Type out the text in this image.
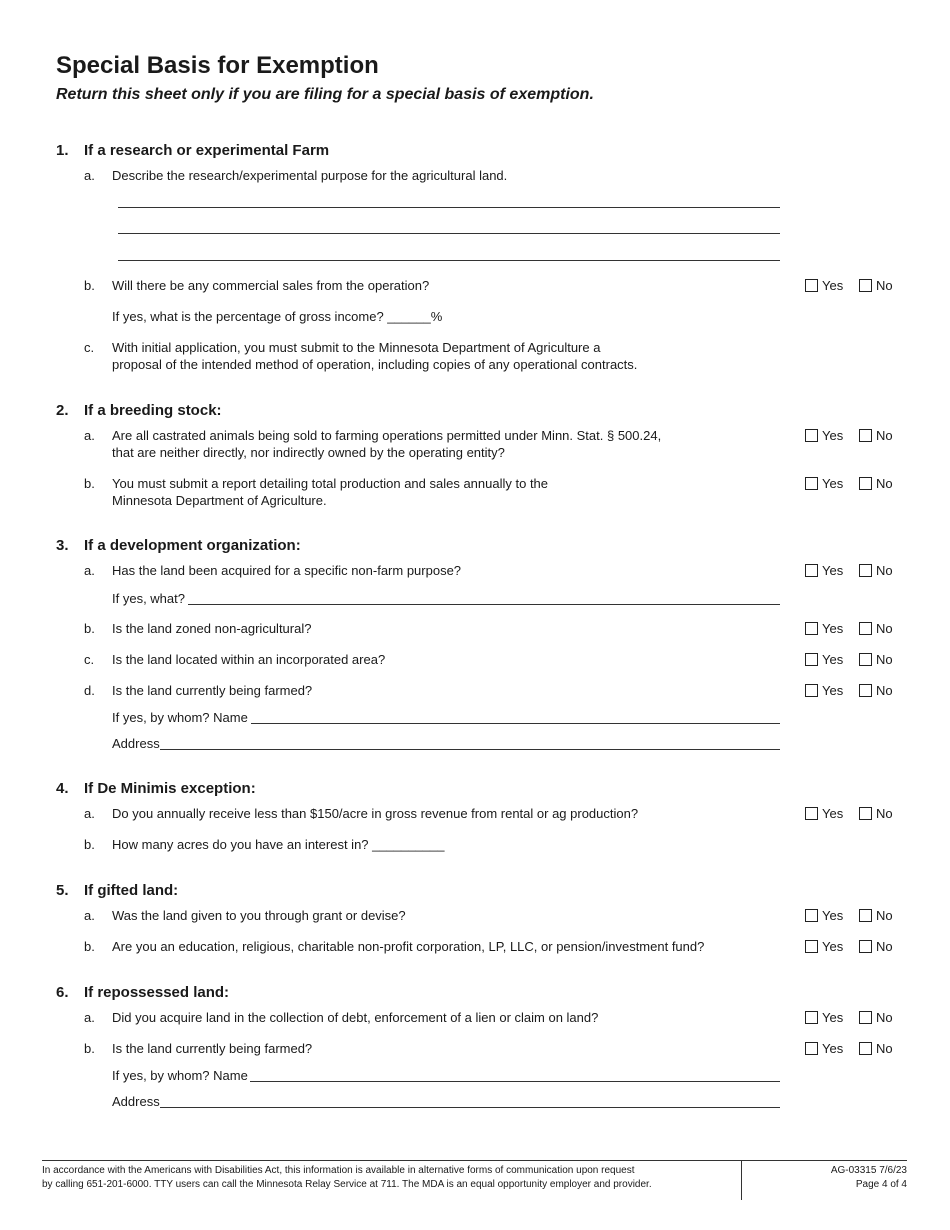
Special Basis for Exemption

Return this sheet only if you are filing for a special basis of exemption.

1. If a research or experimental Farm
a. Describe the research/experimental purpose for the agricultural land.
b. Will there be any commercial sales from the operation?	Yes	No
If yes, what is the percentage of gross income? ______%
c. With initial application, you must submit to the Minnesota Department of Agriculture a
proposal of the intended method of operation, including copies of any operational contracts.
2. If a breeding stock:
a. Are all castrated animals being sold to farming operations permitted under Minn. Stat. § 500.24,
that are neither directly, nor indirectly owned by the operating entity?
Yes	No
b. You must submit a report detailing total production and sales annually to the
Minnesota Department of Agriculture.
Yes	No
3. If a development organization:
a. Has the land been acquired for a specific non-farm purpose?	Yes	No
If yes, what?
b. Is the land zoned non-agricultural?	Yes	No
c. Is the land located within an incorporated area?	Yes	No
d. Is the land currently being farmed?	Yes	No
If yes, by whom? Name
Address
4. If De Minimis exception:
a. Do you annually receive less than $150/acre in gross revenue from rental or ag production?	Yes	No
b. How many acres do you have an interest in? __________
5. If gifted land:
a. Was the land given to you through grant or devise?	Yes	No
b. Are you an education, religious, charitable non-profit corporation, LP, LLC, or pension/investment fund?	Yes	No
6. If repossessed land:
a. Did you acquire land in the collection of debt, enforcement of a lien or claim on land?	Yes	No
b. Is the land currently being farmed?	Yes	No
If yes, by whom? Name
Address
In accordance with the Americans with Disabilities Act, this information is available in alternative forms of communication upon request
by calling 651-201-6000. TTY users can call the Minnesota Relay Service at 711. The MDA is an equal opportunity employer and provider.
AG-03315 7/6/23
Page 4 of 4
